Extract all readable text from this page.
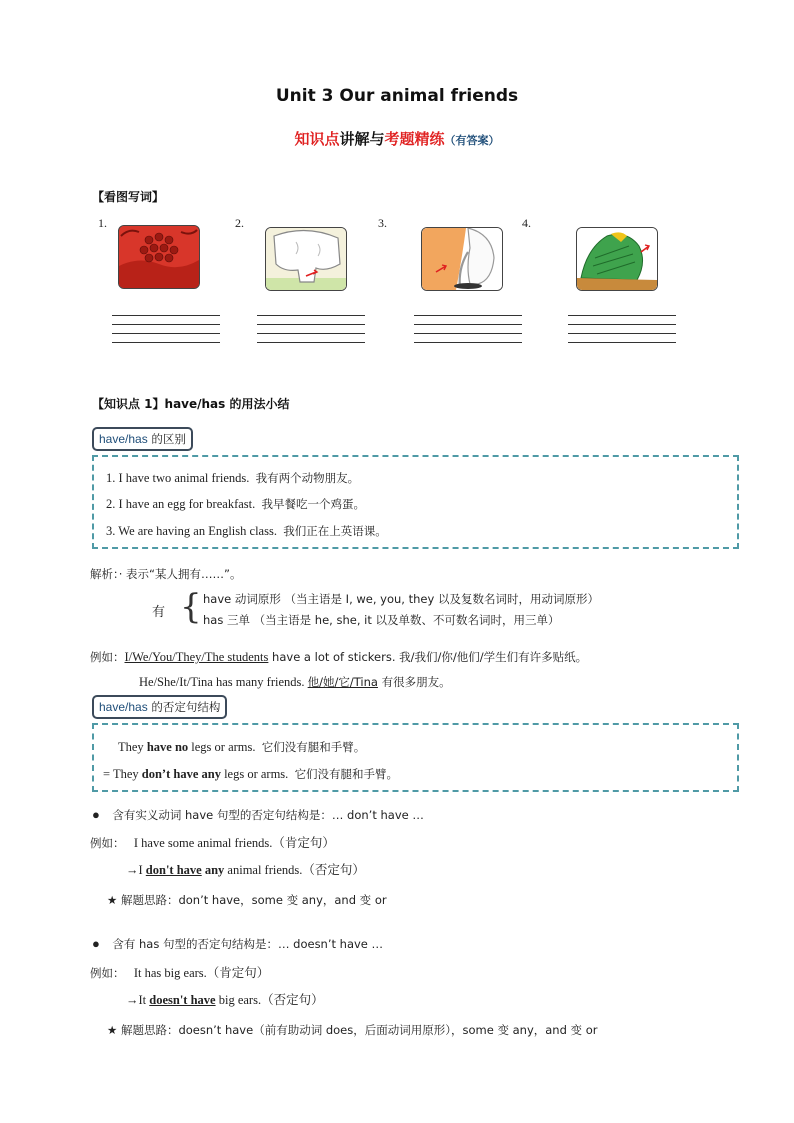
Unit 3 Our animal friends
知识点讲解与考题精练（有答案）
【看图写词】
1.	2.	3.	4.
【知识点 1】have/has 的用法小结
have/has 的区别
1. I have two animal friends. 我有两个动物朋友。
2. I have an egg for breakfast. 我早餐吃一个鸡蛋。
3. We are having an English class. 我们正在上英语课。
解析：· 表示“某人拥有……”。
有 { have 动词原形 （当主语是 I, we, you, they 以及复数名词时，用动词原形）
has 三单 （当主语是 he, she, it 以及单数、不可数名词时，用三单）
例如：I/We/You/They/The students have a lot of stickers. 我/我们/你/他们/学生们有许多贴纸。
He/She/It/Tina has many friends. 他/她/它/Tina 有很多朋友。
have/has 的否定句结构
They have no legs or arms. 它们没有腿和手臂。
= They don’t have any legs or arms. 它们没有腿和手臂。
● 含有实义动词 have 句型的否定句结构是：… don’t have …
例如： I have some animal friends.（肯定句）
→I don't have any animal friends.（否定句）
★ 解题思路：don’t have，some 变 any，and 变 or
● 含有 has 句型的否定句结构是：… doesn’t have …
例如： It has big ears.（肯定句）
→It doesn't have big ears.（否定句）
★ 解题思路：doesn’t have（前有助动词 does，后面动词用原形），some 变 any，and 变 or
